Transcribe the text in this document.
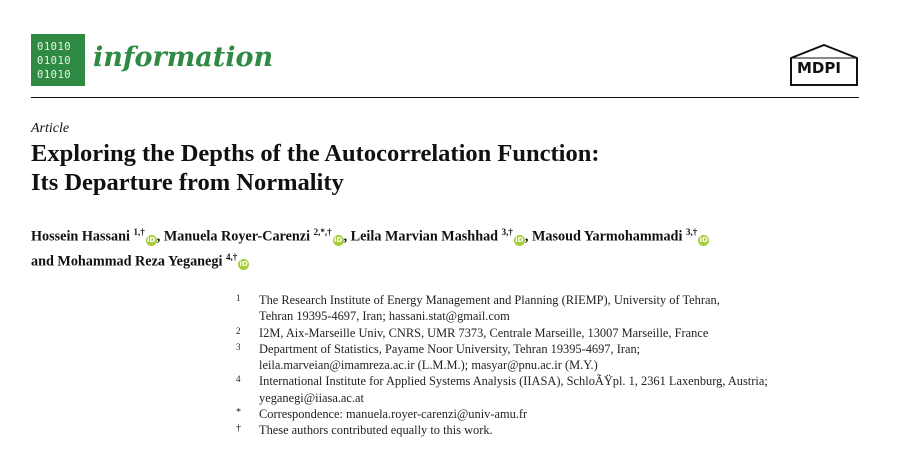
01010
01010
01010
information	MDPI
Article
Exploring the Depths of the Autocorrelation Function:
Its Departure from Normality
Hossein Hassani $^{1,\dagger}$iD, Manuela Royer-Carenzi $^{2,*,\dagger}$iD, Leila Marvian Mashhad $^{3,\dagger}$iD, Masoud Yarmohammadi $^{3,\dagger}$iD
and Mohammad Reza Yeganegi $^{4,\dagger}$iD
1	The Research Institute of Energy Management and Planning (RIEMP), University of Tehran,
Tehran 19395-4697, Iran; hassani.stat@gmail.com
2	I2M, Aix-Marseille Univ, CNRS, UMR 7373, Centrale Marseille, 13007 Marseille, France
3	Department of Statistics, Payame Noor University, Tehran 19395-4697, Iran;
leila.marveian@imamreza.ac.ir (L.M.M.); masyar@pnu.ac.ir (M.Y.)
4	International Institute for Applied Systems Analysis (IIASA), SchloÃŸpl. 1, 2361 Laxenburg, Austria;
yeganegi@iiasa.ac.at
*	Correspondence: manuela.royer-carenzi@univ-amu.fr
†	These authors contributed equally to this work.
